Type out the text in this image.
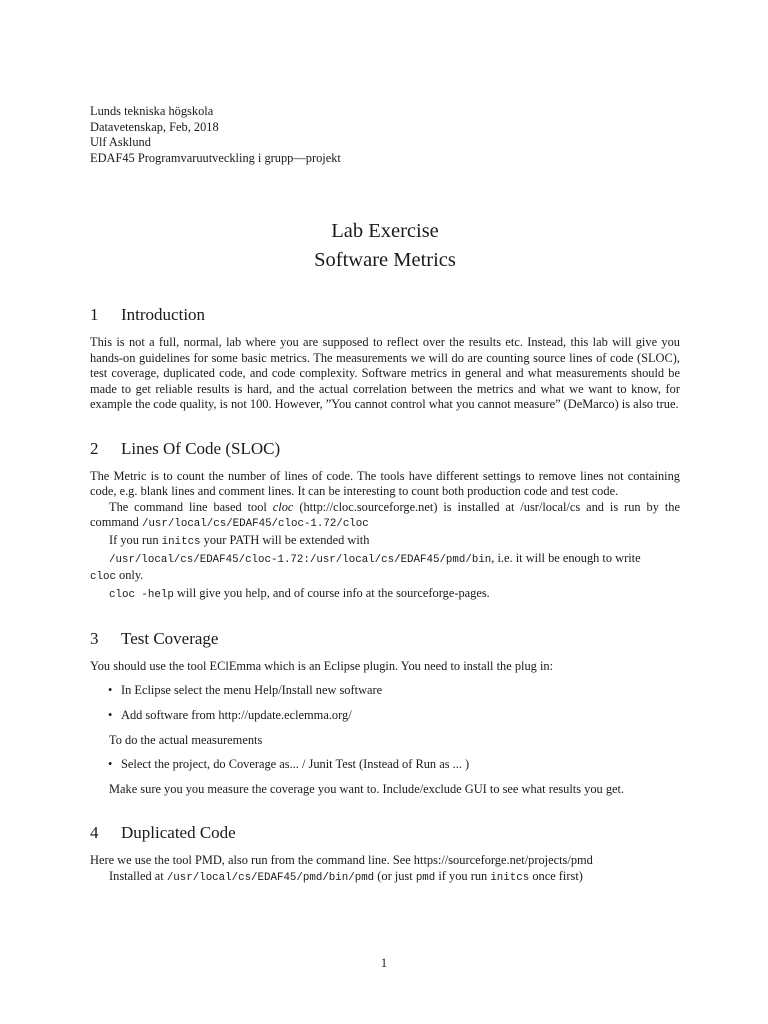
Lunds tekniska högskola
Datavetenskap, Feb, 2018
Ulf Asklund
EDAF45 Programvaruutveckling i grupp—projekt
Lab Exercise
Software Metrics
1	Introduction

This is not a full, normal, lab where you are supposed to reflect over the results etc. Instead, this lab will give you hands-on guidelines for some basic metrics. The measurements we will do are counting source lines of code (SLOC), test coverage, duplicated code, and code complexity. Software metrics in general and what measurements should be made to get reliable results is hard, and the actual correlation between the metrics and what we want to know, for example the code quality, is not 100. However, ”You cannot control what you cannot measure” (DeMarco) is also true.

2	Lines Of Code (SLOC)

The Metric is to count the number of lines of code. The tools have different settings to remove lines not containing code, e.g. blank lines and comment lines. It can be interesting to count both production code and test code.

The command line based tool cloc (http://cloc.sourceforge.net) is installed at /usr/local/cs and is run by the command /usr/local/cs/EDAF45/cloc-1.72/cloc

If you run initcs your PATH will be extended with

/usr/local/cs/EDAF45/cloc-1.72:/usr/local/cs/EDAF45/pmd/bin, i.e. it will be enough to write
cloc only.

cloc -help will give you help, and of course info at the sourceforge-pages.

3	Test Coverage

You should use the tool EClEmma which is an Eclipse plugin. You need to install the plug in:

• In Eclipse select the menu Help/Install new software
• Add software from http://update.eclemma.org/

To do the actual measurements

• Select the project, do Coverage as... / Junit Test (Instead of Run as ... )

Make sure you you measure the coverage you want to. Include/exclude GUI to see what results you get.

4	Duplicated Code

Here we use the tool PMD, also run from the command line. See https://sourceforge.net/projects/pmd

Installed at /usr/local/cs/EDAF45/pmd/bin/pmd (or just pmd if you run initcs once first)

1
